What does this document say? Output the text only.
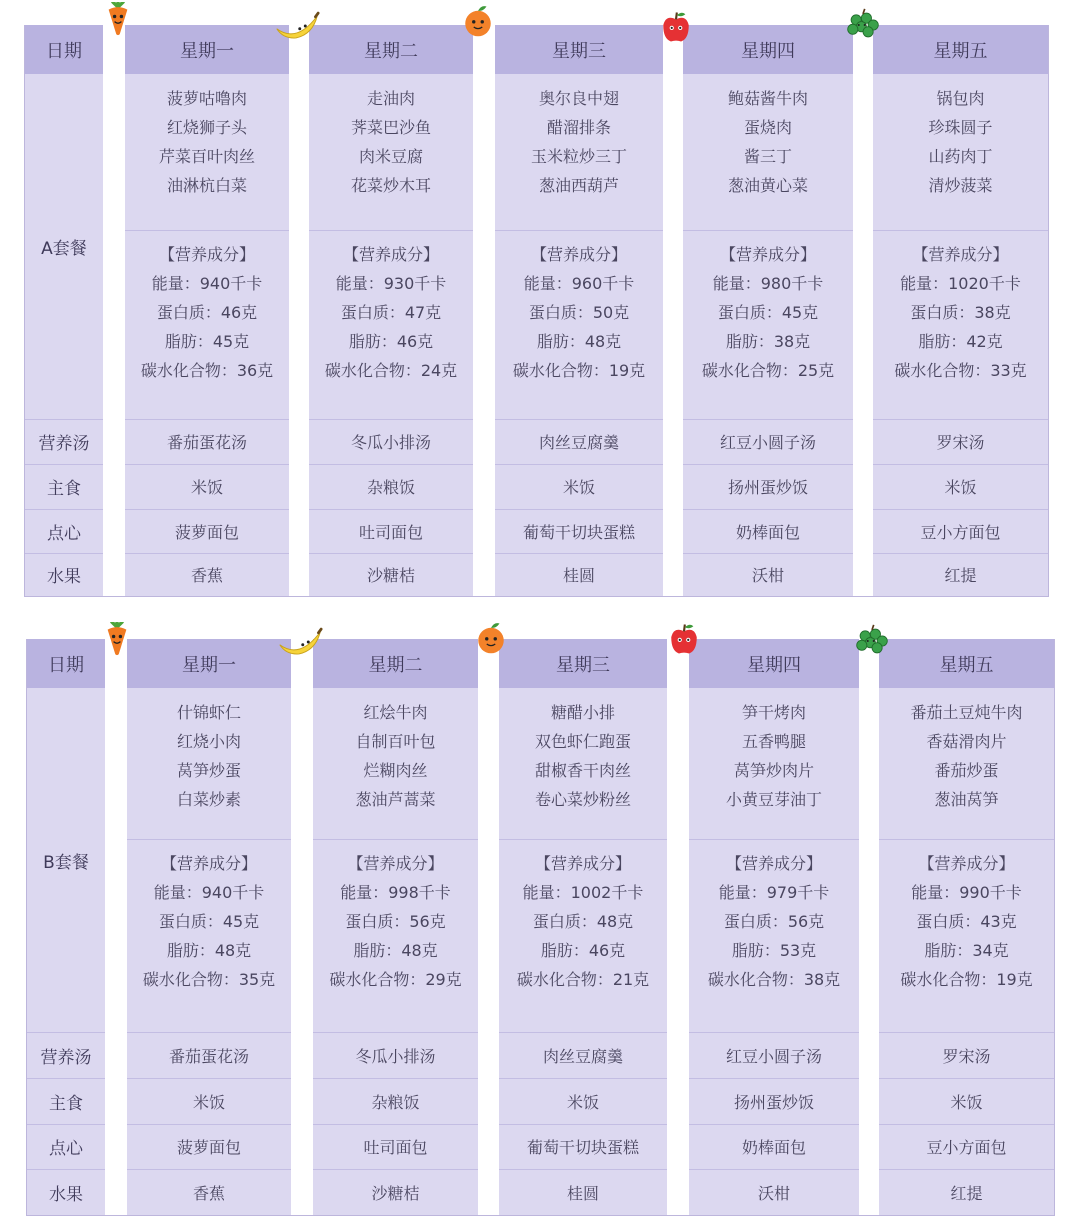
日期
A套餐
营养汤
主食
点心
水果
星期一
菠萝咕噜肉
红烧狮子头
芹菜百叶肉丝
油淋杭白菜
【营养成分】
能量：940千卡
蛋白质：46克
脂肪：45克
碳水化合物：36克
番茄蛋花汤
米饭
菠萝面包
香蕉
星期二
走油肉
荠菜巴沙鱼
肉米豆腐
花菜炒木耳
【营养成分】
能量：930千卡
蛋白质：47克
脂肪：46克
碳水化合物：24克
冬瓜小排汤
杂粮饭
吐司面包
沙糖桔
星期三
奥尔良中翅
醋溜排条
玉米粒炒三丁
葱油西葫芦
【营养成分】
能量：960千卡
蛋白质：50克
脂肪：48克
碳水化合物：19克
肉丝豆腐羹
米饭
葡萄干切块蛋糕
桂圆
星期四
鲍菇酱牛肉
蛋烧肉
酱三丁
葱油黄心菜
【营养成分】
能量：980千卡
蛋白质：45克
脂肪：38克
碳水化合物：25克
红豆小圆子汤
扬州蛋炒饭
奶棒面包
沃柑
星期五
锅包肉
珍珠圆子
山药肉丁
清炒菠菜
【营养成分】
能量：1020千卡
蛋白质：38克
脂肪：42克
碳水化合物：33克
罗宋汤
米饭
豆小方面包
红提
日期
B套餐
营养汤
主食
点心
水果
星期一
什锦虾仁
红烧小肉
莴笋炒蛋
白菜炒素
【营养成分】
能量：940千卡
蛋白质：45克
脂肪：48克
碳水化合物：35克
番茄蛋花汤
米饭
菠萝面包
香蕉
星期二
红烩牛肉
自制百叶包
烂糊肉丝
葱油芦蒿菜
【营养成分】
能量：998千卡
蛋白质：56克
脂肪：48克
碳水化合物：29克
冬瓜小排汤
杂粮饭
吐司面包
沙糖桔
星期三
糖醋小排
双色虾仁跑蛋
甜椒香干肉丝
卷心菜炒粉丝
【营养成分】
能量：1002千卡
蛋白质：48克
脂肪：46克
碳水化合物：21克
肉丝豆腐羹
米饭
葡萄干切块蛋糕
桂圆
星期四
笋干烤肉
五香鸭腿
莴笋炒肉片
小黄豆芽油丁
【营养成分】
能量：979千卡
蛋白质：56克
脂肪：53克
碳水化合物：38克
红豆小圆子汤
扬州蛋炒饭
奶棒面包
沃柑
星期五
番茄土豆炖牛肉
香菇滑肉片
番茄炒蛋
葱油莴笋
【营养成分】
能量：990千卡
蛋白质：43克
脂肪：34克
碳水化合物：19克
罗宋汤
米饭
豆小方面包
红提
